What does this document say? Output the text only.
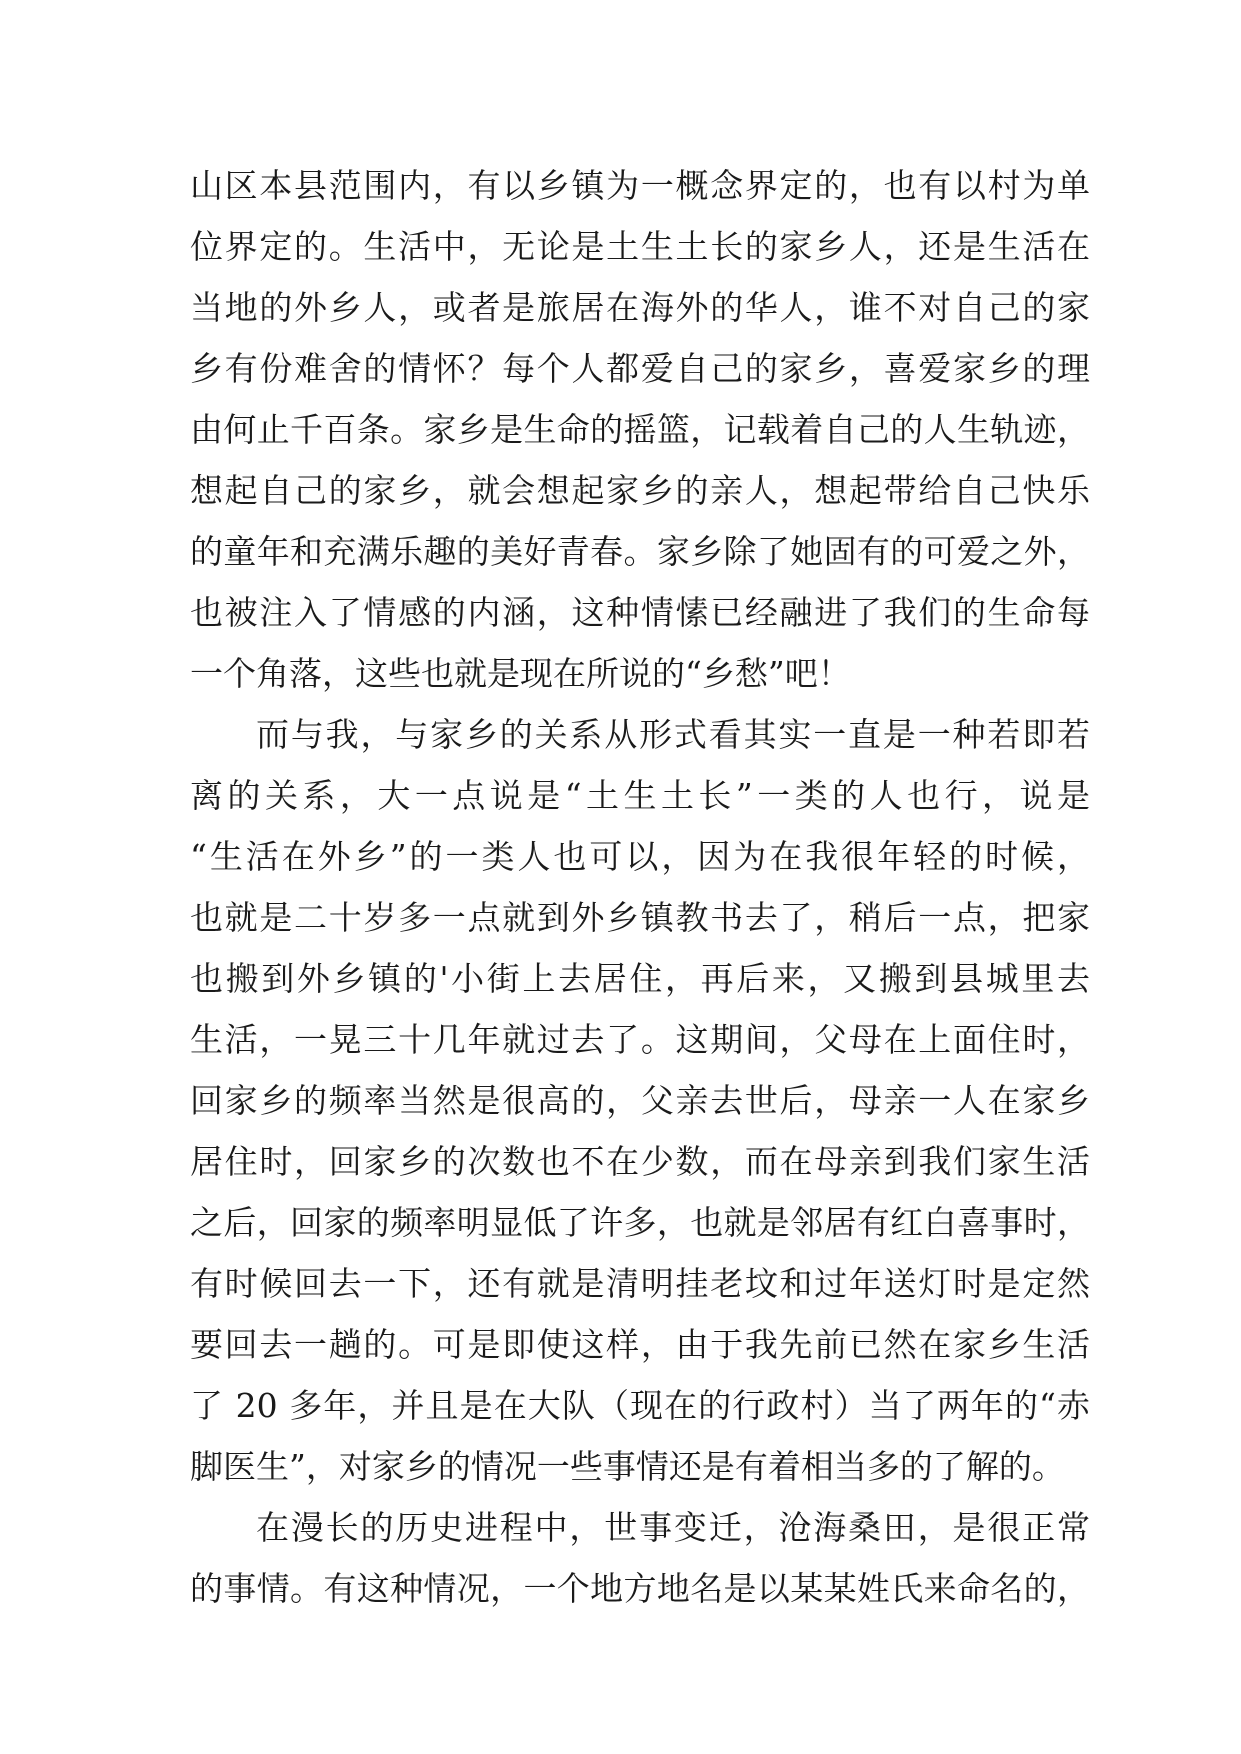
山区本县范围内，有以乡镇为一概念界定的，也有以村为单
位界定的。生活中，无论是土生土长的家乡人，还是生活在
当地的外乡人，或者是旅居在海外的华人，谁不对自己的家
乡有份难舍的情怀？每个人都爱自己的家乡，喜爱家乡的理
由何止千百条。家乡是生命的摇篮，记载着自己的人生轨迹，
想起自己的家乡，就会想起家乡的亲人，想起带给自己快乐
的童年和充满乐趣的美好青春。家乡除了她固有的可爱之外，
也被注入了情感的内涵，这种情愫已经融进了我们的生命每
一个角落，这些也就是现在所说的“乡愁”吧！
而与我，与家乡的关系从形式看其实一直是一种若即若
离的关系，大一点说是“土生土长”一类的人也行，说是
“生活在外乡”的一类人也可以，因为在我很年轻的时候，
也就是二十岁多一点就到外乡镇教书去了，稍后一点，把家
也搬到外乡镇的'小街上去居住，再后来，又搬到县城里去
生活，一晃三十几年就过去了。这期间，父母在上面住时，
回家乡的频率当然是很高的，父亲去世后，母亲一人在家乡
居住时，回家乡的次数也不在少数，而在母亲到我们家生活
之后，回家的频率明显低了许多，也就是邻居有红白喜事时，
有时候回去一下，还有就是清明挂老坟和过年送灯时是定然
要回去一趟的。可是即使这样，由于我先前已然在家乡生活
了 20 多年，并且是在大队（现在的行政村）当了两年的“赤
脚医生”，对家乡的情况一些事情还是有着相当多的了解的。
在漫长的历史进程中，世事变迁，沧海桑田，是很正常
的事情。有这种情况，一个地方地名是以某某姓氏来命名的，
